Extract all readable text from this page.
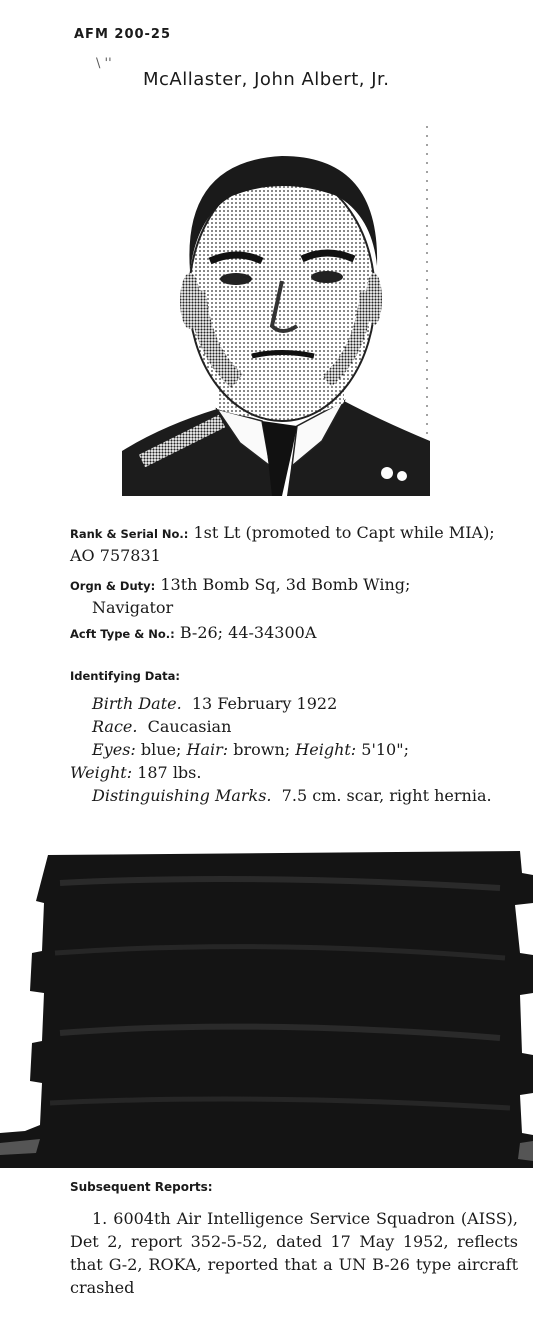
AFM 200-25
\ ''
McAllaster, John Albert, Jr.
Rank & Serial No.: 1st Lt (promoted to Capt while MIA); AO 757831
Orgn & Duty: 13th Bomb Sq, 3d Bomb Wing;
Navigator
Acft Type & No.: B-26; 44-34300A
Identifying Data:
Birth Date. 13 February 1922
Race. Caucasian
Eyes: blue; Hair: brown; Height: 5'10";
Weight: 187 lbs.
Distinguishing Marks. 7.5 cm. scar, right hernia.
Subsequent Reports:
1. 6004th Air Intelligence Service Squadron (AISS), Det 2, report 352-5-52, dated 17 May 1952, reflects that G-2, ROKA, reported that a UN B-26 type aircraft crashed
